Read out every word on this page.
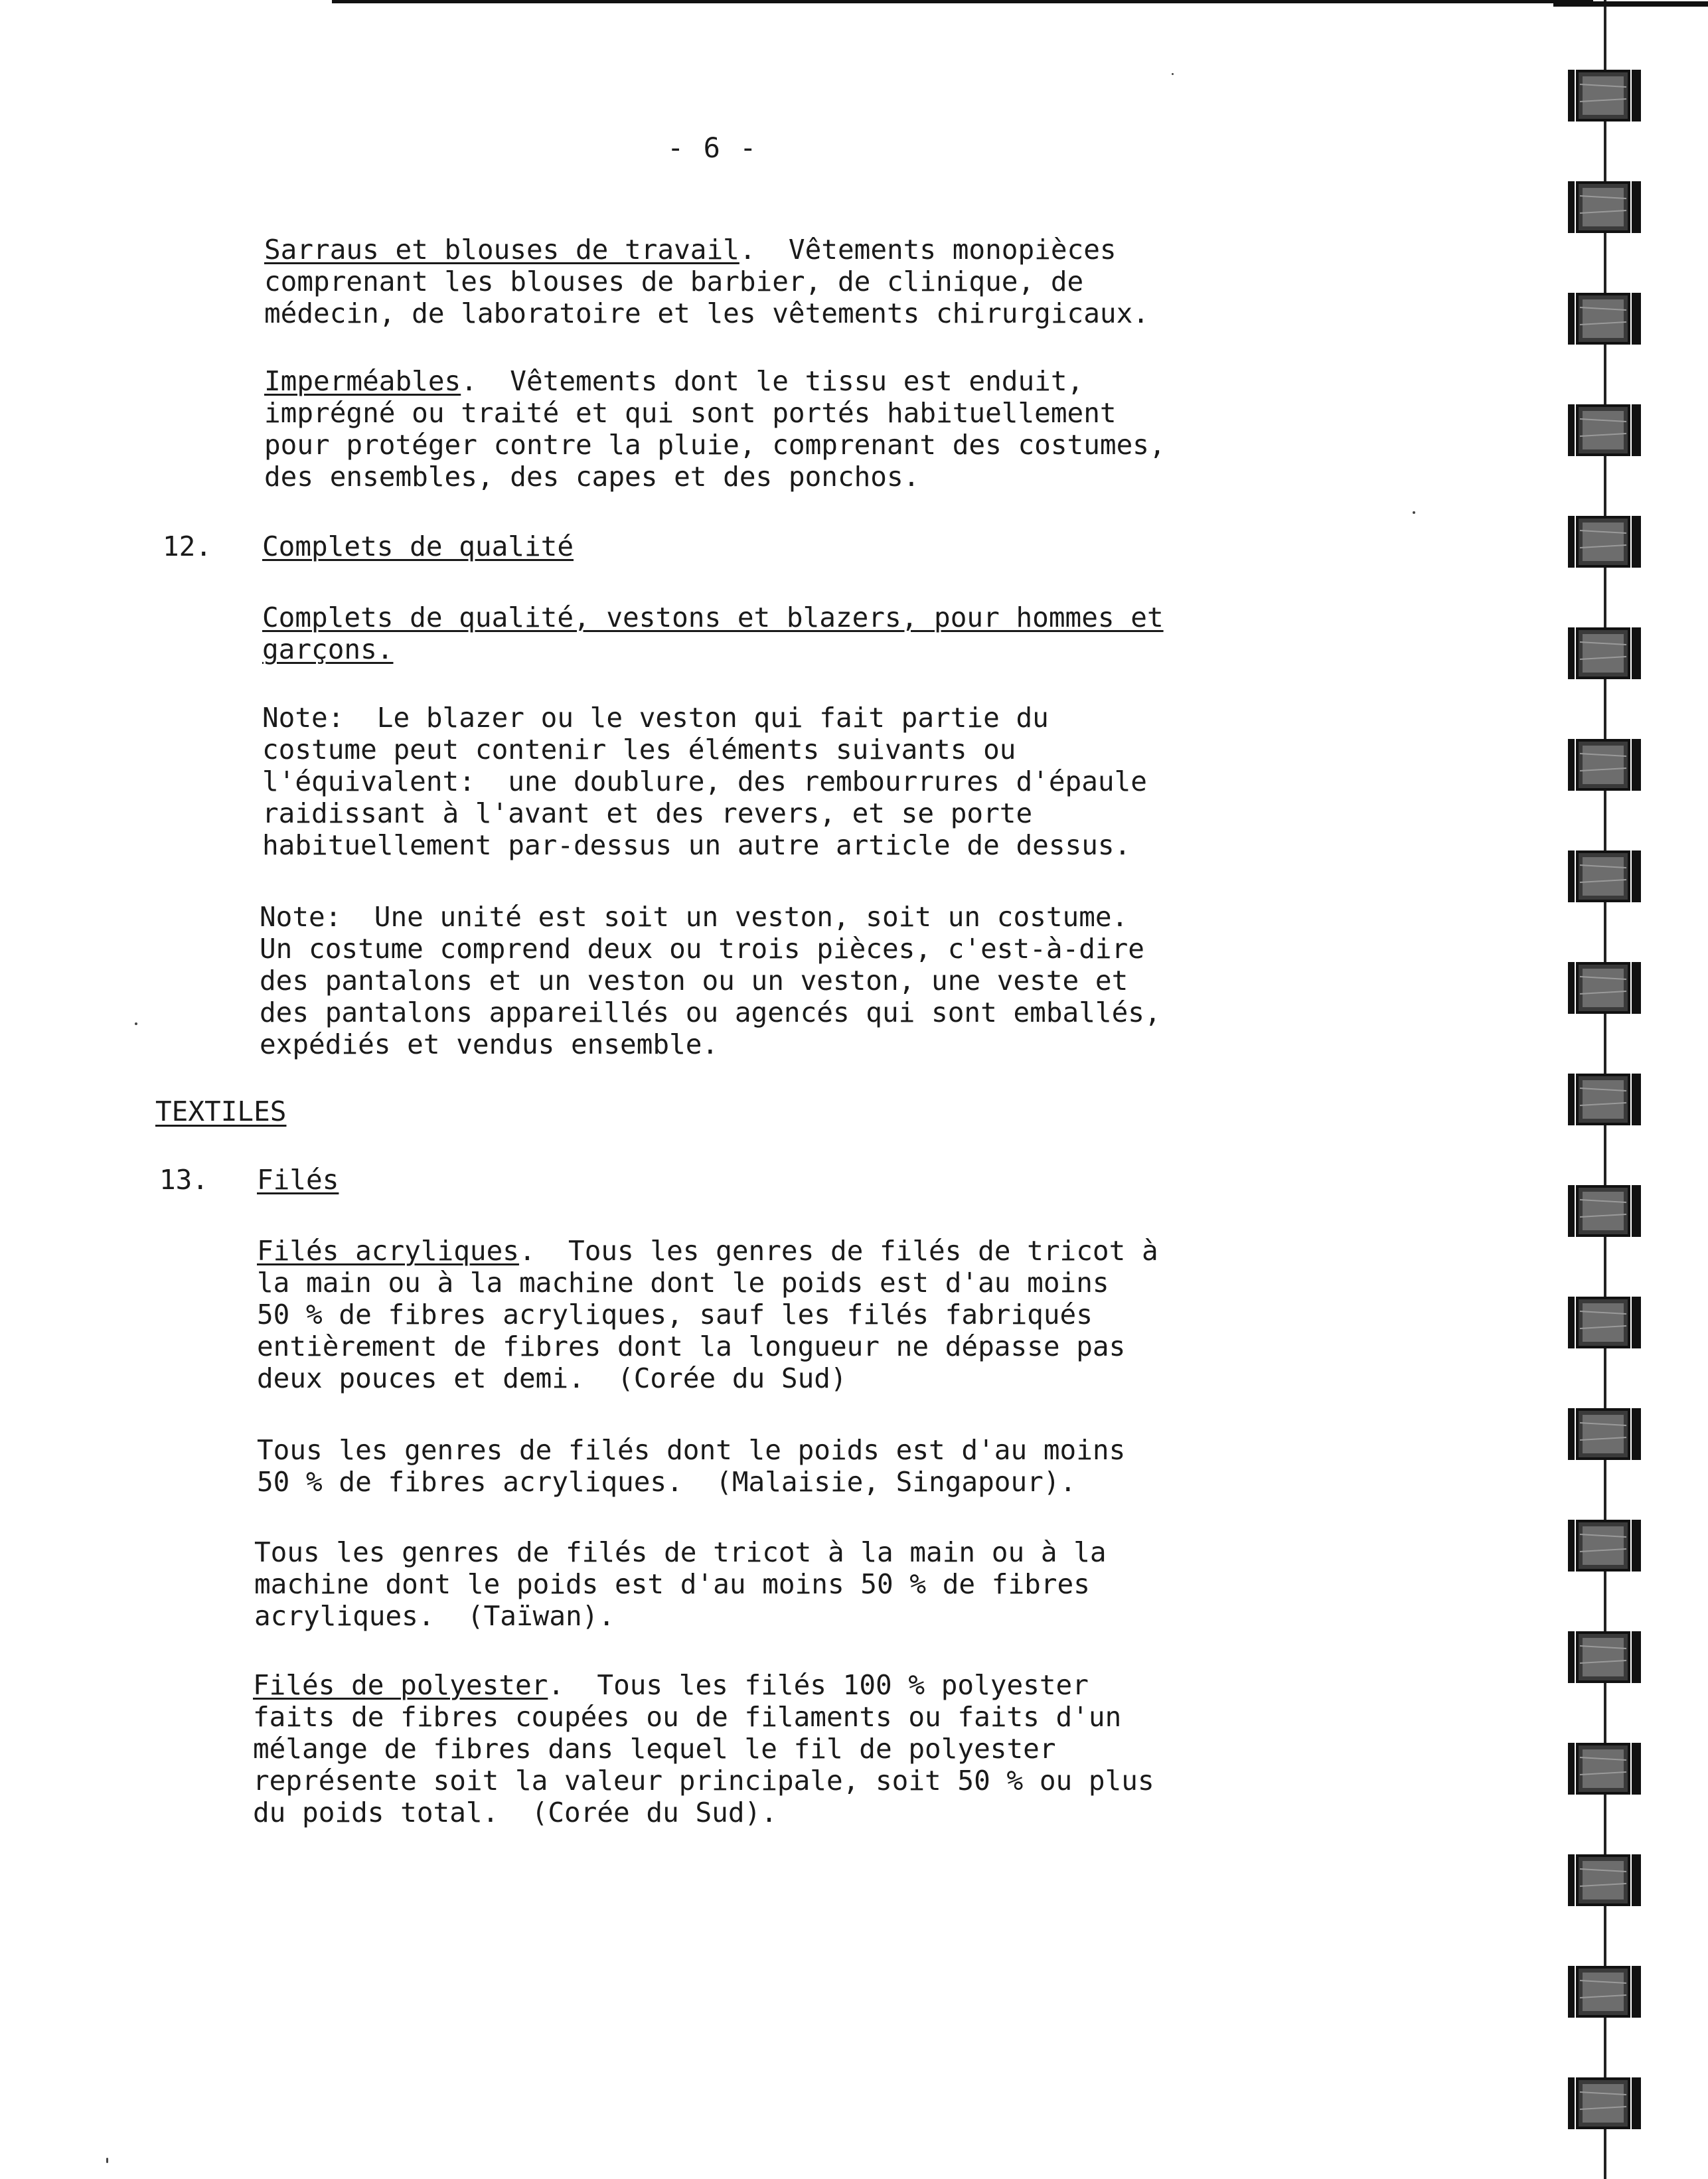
- 6 -
Sarraus et blouses de travail.  Vêtements monopièces
comprenant les blouses de barbier, de clinique, de
médecin, de laboratoire et les vêtements chirurgicaux.
Imperméables.  Vêtements dont le tissu est enduit,
imprégné ou traité et qui sont portés habituellement
pour protéger contre la pluie, comprenant des costumes,
des ensembles, des capes et des ponchos.
12. Complets de qualité
Complets de qualité, vestons et blazers, pour hommes et
garçons.
Note:  Le blazer ou le veston qui fait partie du
costume peut contenir les éléments suivants ou
l'équivalent:  une doublure, des rembourrures d'épaule
raidissant à l'avant et des revers, et se porte
habituellement par-dessus un autre article de dessus.
Note:  Une unité est soit un veston, soit un costume.
Un costume comprend deux ou trois pièces, c'est-à-dire
des pantalons et un veston ou un veston, une veste et
des pantalons appareillés ou agencés qui sont emballés,
expédiés et vendus ensemble.
TEXTILES
13. Filés
Filés acryliques.  Tous les genres de filés de tricot à
la main ou à la machine dont le poids est d'au moins
50 % de fibres acryliques, sauf les filés fabriqués
entièrement de fibres dont la longueur ne dépasse pas
deux pouces et demi.  (Corée du Sud)
Tous les genres de filés dont le poids est d'au moins
50 % de fibres acryliques.  (Malaisie, Singapour).
Tous les genres de filés de tricot à la main ou à la
machine dont le poids est d'au moins 50 % de fibres
acryliques.  (Taïwan).
Filés de polyester.  Tous les filés 100 % polyester
faits de fibres coupées ou de filaments ou faits d'un
mélange de fibres dans lequel le fil de polyester
représente soit la valeur principale, soit 50 % ou plus
du poids total.  (Corée du Sud).
